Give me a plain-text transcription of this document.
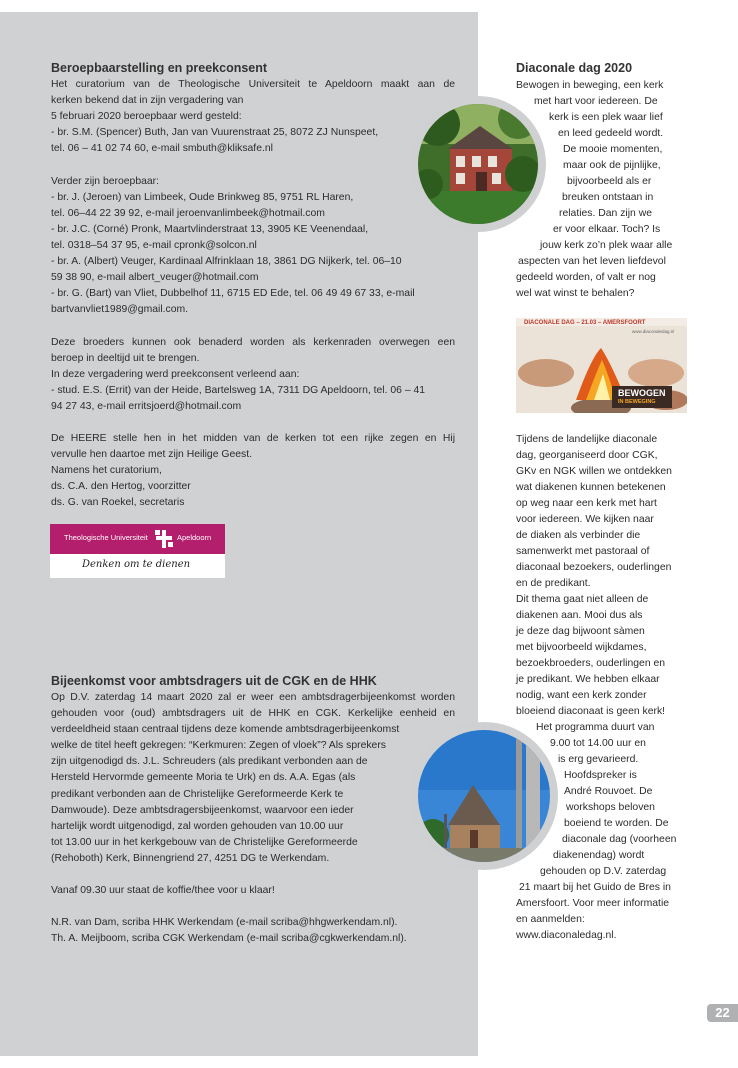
Beroepbaarstelling en preekconsent
Het curatorium van de Theologische Universiteit te Apeldoorn maakt aan de
kerken bekend dat in zijn vergadering van
5 februari 2020 beroepbaar werd gesteld:
- br. S.M. (Spencer) Buth, Jan van Vuurenstraat 25, 8072 ZJ Nunspeet,
tel. 06 – 41 02 74 60, e-mail smbuth@kliksafe.nl
Verder zijn beroepbaar:
- br. J. (Jeroen) van Limbeek, Oude Brinkweg 85, 9751 RL Haren,
tel. 06–44 22 39 92, e-mail jeroenvanlimbeek@hotmail.com
- br. J.C. (Corné) Pronk, Maartvlinderstraat 13, 3905 KE Veenendaal,
tel. 0318–54 37 95, e-mail cpronk@solcon.nl
- br. A. (Albert) Veuger, Kardinaal Alfrinklaan 18, 3861 DG Nijkerk, tel. 06–10
59 38 90, e-mail albert_veuger@hotmail.com
- br. G. (Bart) van Vliet, Dubbelhof 11, 6715 ED Ede, tel. 06 49 49 67 33, e-mail
bartvanvliet1989@gmail.com.
Deze broeders kunnen ook benaderd worden als kerkenraden overwegen een
beroep in deeltijd uit te brengen.
In deze vergadering werd preekconsent verleend aan:
- stud. E.S. (Errit) van der Heide, Bartelsweg 1A, 7311 DG Apeldoorn, tel. 06 – 41
94 27 43, e-mail erritsjoerd@hotmail.com
De HEERE stelle hen in het midden van de kerken tot een rijke zegen en Hij
vervulle hen daartoe met zijn Heilige Geest.
Namens het curatorium,
ds. C.A. den Hertog, voorzitter
ds. G. van Roekel, secretaris
Theologische Universiteit	Apeldoorn
Denken om te dienen
Bijeenkomst voor ambtsdragers uit de CGK en de HHK
Op D.V. zaterdag 14 maart 2020 zal er weer een ambtsdragerbijeenkomst worden
gehouden voor (oud) ambtsdragers uit de HHK en CGK. Kerkelijke eenheid en
verdeeldheid staan centraal tijdens deze komende ambtsdragerbijeenkomst
welke de titel heeft gekregen: “Kerkmuren: Zegen of vloek”? Als sprekers
zijn uitgenodigd ds. J.L. Schreuders (als predikant verbonden aan de
Hersteld Hervormde gemeente Moria te Urk) en ds. A.A. Egas (als
predikant verbonden aan de Christelijke Gereformeerde Kerk te
Damwoude). Deze ambtsdragersbijeenkomst, waarvoor een ieder
hartelijk wordt uitgenodigd, zal worden gehouden van 10.00 uur
tot 13.00 uur in het kerkgebouw van de Christelijke Gereformeerde
(Rehoboth) Kerk, Binnengriend 27, 4251 DG te Werkendam.
Vanaf 09.30 uur staat de koffie/thee voor u klaar!
N.R. van Dam, scriba HHK Werkendam (e-mail scriba@hhgwerkendam.nl).
Th. A. Meijboom, scriba CGK Werkendam (e-mail scriba@cgkwerkendam.nl).
Diaconale dag 2020
Bewogen in beweging, een kerk
met hart voor iedereen. De
kerk is een plek waar lief
en leed gedeeld wordt.
De mooie momenten,
maar ook de pijnlijke,
bijvoorbeeld als er
breuken ontstaan in
relaties. Dan zijn we
er voor elkaar. Toch? Is
jouw kerk zo’n plek waar alle
aspecten van het leven liefdevol
gedeeld worden, of valt er nog
wel wat winst te behalen?
DIACONALE DAG – 21.03 – AMERSFOORT
www.diaconaledag.nl
BEWOGEN
IN BEWEGING
Tijdens de landelijke diaconale
dag, georganiseerd door CGK,
GKv en NGK willen we ontdekken
wat diakenen kunnen betekenen
op weg naar een kerk met hart
voor iedereen. We kijken naar
de diaken als verbinder die
samenwerkt met pastoraal of
diaconaal bezoekers, ouderlingen
en de predikant.
Dit thema gaat niet alleen de
diakenen aan. Mooi dus als
je deze dag bijwoont sàmen
met bijvoorbeeld wijkdames,
bezoekbroeders, ouderlingen en
je predikant. We hebben elkaar
nodig, want een kerk zonder
bloeiend diaconaat is geen kerk!
Het programma duurt van
9.00 tot 14.00 uur en
is erg gevarieerd.
Hoofdspreker is
André Rouvoet. De
workshops beloven
boeiend te worden. De
diaconale dag (voorheen
diakenendag) wordt
gehouden op D.V. zaterdag
21 maart bij het Guido de Bres in
Amersfoort. Voor meer informatie
en aanmelden:
www.diaconaledag.nl.
22
